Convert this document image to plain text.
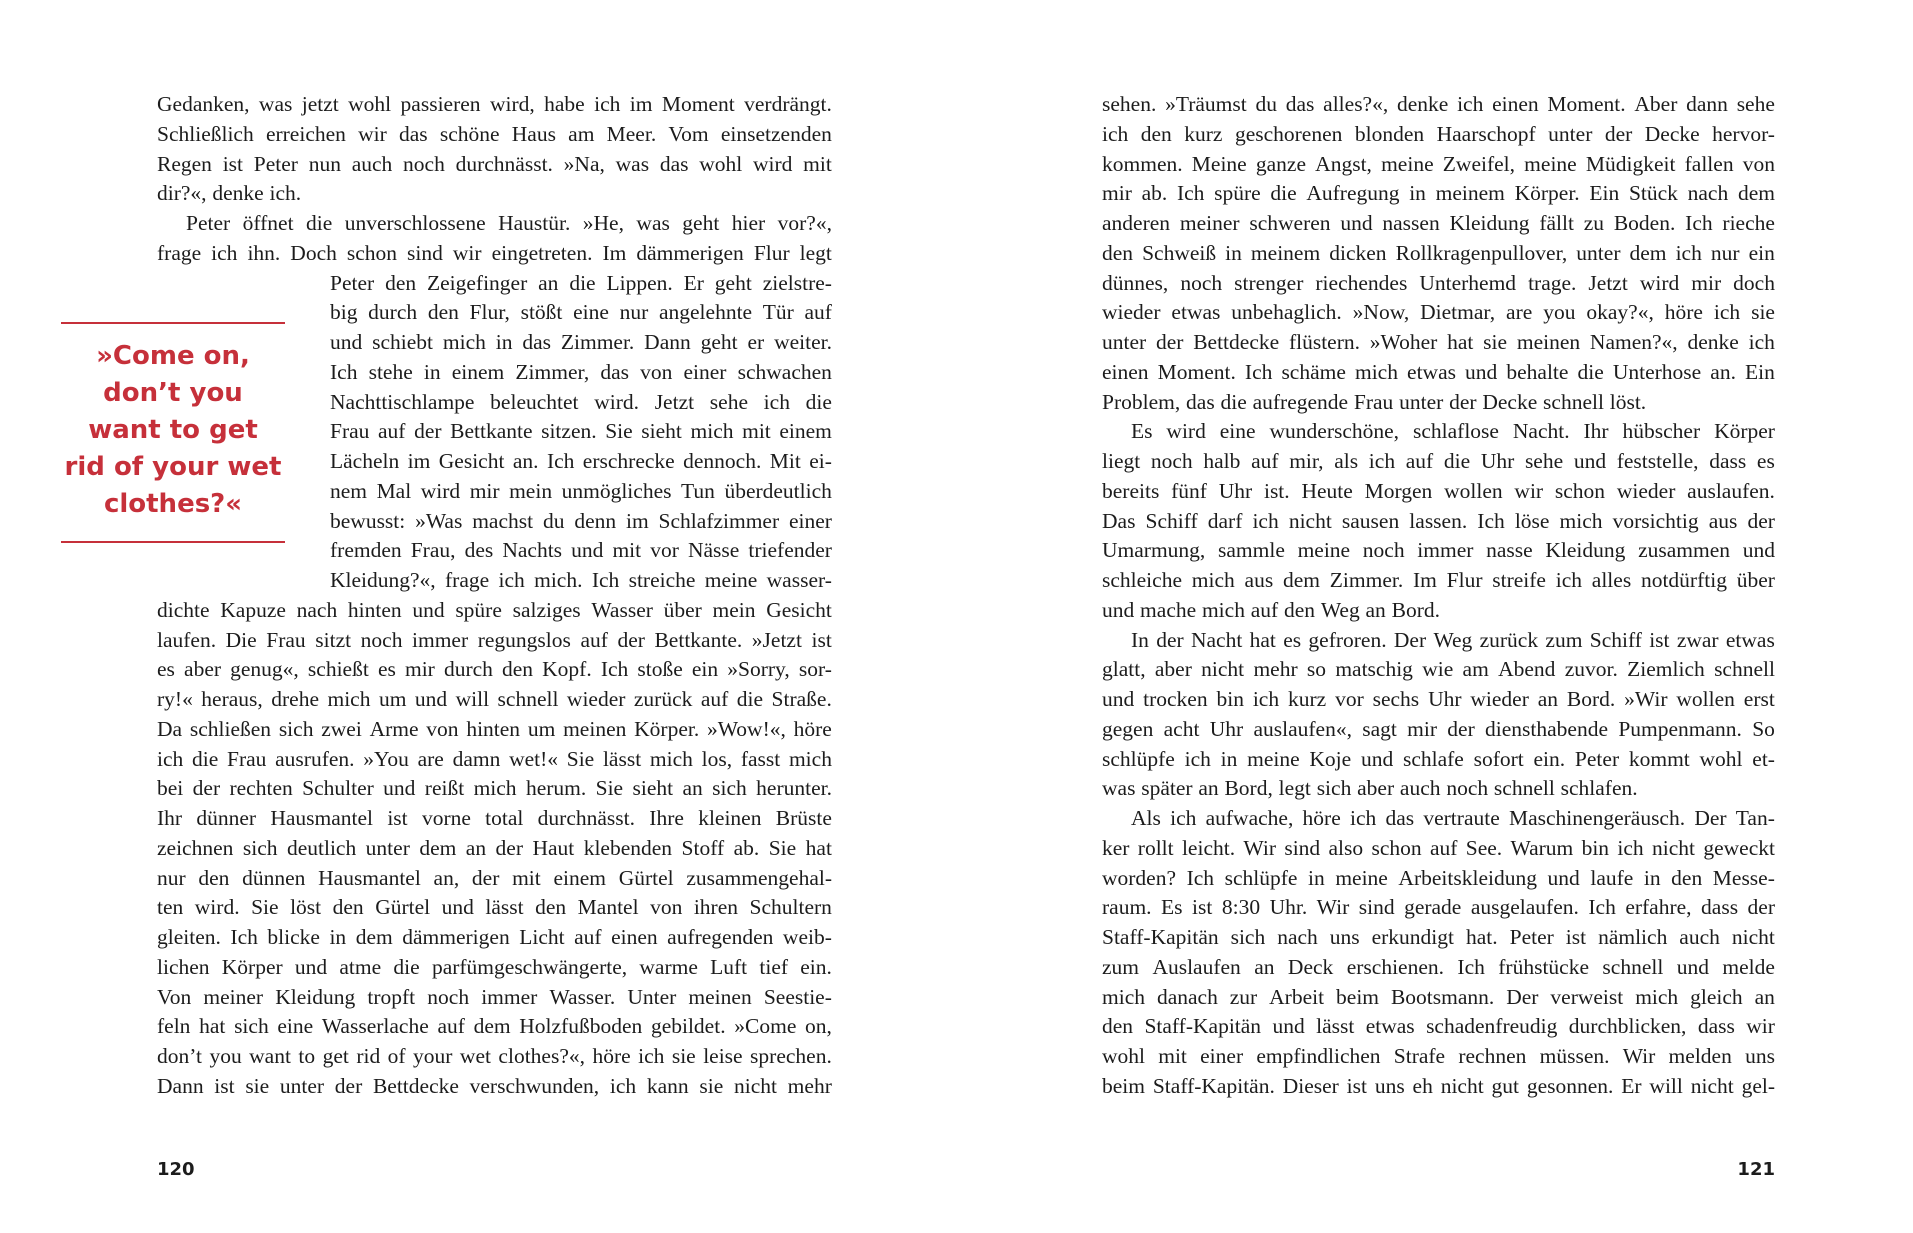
Gedanken, was jetzt wohl passieren wird, habe ich im Moment verdrängt.
Schließlich erreichen wir das schöne Haus am Meer. Vom einsetzenden
Regen ist Peter nun auch noch durchnässt. »Na, was das wohl wird mit
dir?«, denke ich.
Peter öffnet die unverschlossene Haustür. »He, was geht hier vor?«,
frage ich ihn. Doch schon sind wir eingetreten. Im dämmerigen Flur legt
Peter den Zeigefinger an die Lippen. Er geht zielstre-
big durch den Flur, stößt eine nur angelehnte Tür auf
und schiebt mich in das Zimmer. Dann geht er weiter.
Ich stehe in einem Zimmer, das von einer schwachen
Nachttischlampe beleuchtet wird. Jetzt sehe ich die
Frau auf der Bettkante sitzen. Sie sieht mich mit einem
Lächeln im Gesicht an. Ich erschrecke dennoch. Mit ei-
nem Mal wird mir mein unmögliches Tun überdeutlich
bewusst: »Was machst du denn im Schlafzimmer einer
fremden Frau, des Nachts und mit vor Nässe triefender
Kleidung?«, frage ich mich. Ich streiche meine wasser-
dichte Kapuze nach hinten und spüre salziges Wasser über mein Gesicht
laufen. Die Frau sitzt noch immer regungslos auf der Bettkante. »Jetzt ist
es aber genug«, schießt es mir durch den Kopf. Ich stoße ein »Sorry, sor-
ry!« heraus, drehe mich um und will schnell wieder zurück auf die Straße.
Da schließen sich zwei Arme von hinten um meinen Körper. »Wow!«, höre
ich die Frau ausrufen. »You are damn wet!« Sie lässt mich los, fasst mich
bei der rechten Schulter und reißt mich herum. Sie sieht an sich herunter.
Ihr dünner Hausmantel ist vorne total durchnässt. Ihre kleinen Brüste
zeichnen sich deutlich unter dem an der Haut klebenden Stoff ab. Sie hat
nur den dünnen Hausmantel an, der mit einem Gürtel zusammengehal-
ten wird. Sie löst den Gürtel und lässt den Mantel von ihren Schultern
gleiten. Ich blicke in dem dämmerigen Licht auf einen aufregenden weib-
lichen Körper und atme die parfümgeschwängerte, warme Luft tief ein.
Von meiner Kleidung tropft noch immer Wasser. Unter meinen Seestie-
feln hat sich eine Wasserlache auf dem Holzfußboden gebildet. »Come on,
don’t you want to get rid of your wet clothes?«, höre ich sie leise sprechen.
Dann ist sie unter der Bettdecke verschwunden, ich kann sie nicht mehr
»Come on,
don’t you
want to get
rid of your wet
clothes?«
120
sehen. »Träumst du das alles?«, denke ich einen Moment. Aber dann sehe
ich den kurz geschorenen blonden Haarschopf unter der Decke hervor-
kommen. Meine ganze Angst, meine Zweifel, meine Müdigkeit fallen von
mir ab. Ich spüre die Aufregung in meinem Körper. Ein Stück nach dem
anderen meiner schweren und nassen Kleidung fällt zu Boden. Ich rieche
den Schweiß in meinem dicken Rollkragenpullover, unter dem ich nur ein
dünnes, noch strenger riechendes Unterhemd trage. Jetzt wird mir doch
wieder etwas unbehaglich. »Now, Dietmar, are you okay?«, höre ich sie
unter der Bettdecke flüstern. »Woher hat sie meinen Namen?«, denke ich
einen Moment. Ich schäme mich etwas und behalte die Unterhose an. Ein
Problem, das die aufregende Frau unter der Decke schnell löst.
Es wird eine wunderschöne, schlaflose Nacht. Ihr hübscher Körper
liegt noch halb auf mir, als ich auf die Uhr sehe und feststelle, dass es
bereits fünf Uhr ist. Heute Morgen wollen wir schon wieder auslaufen.
Das Schiff darf ich nicht sausen lassen. Ich löse mich vorsichtig aus der
Umarmung, sammle meine noch immer nasse Kleidung zusammen und
schleiche mich aus dem Zimmer. Im Flur streife ich alles notdürftig über
und mache mich auf den Weg an Bord.
In der Nacht hat es gefroren. Der Weg zurück zum Schiff ist zwar etwas
glatt, aber nicht mehr so matschig wie am Abend zuvor. Ziemlich schnell
und trocken bin ich kurz vor sechs Uhr wieder an Bord. »Wir wollen erst
gegen acht Uhr auslaufen«, sagt mir der diensthabende Pumpenmann. So
schlüpfe ich in meine Koje und schlafe sofort ein. Peter kommt wohl et-
was später an Bord, legt sich aber auch noch schnell schlafen.
Als ich aufwache, höre ich das vertraute Maschinengeräusch. Der Tan-
ker rollt leicht. Wir sind also schon auf See. Warum bin ich nicht geweckt
worden? Ich schlüpfe in meine Arbeitskleidung und laufe in den Messe-
raum. Es ist 8:30 Uhr. Wir sind gerade ausgelaufen. Ich erfahre, dass der
Staff-Kapitän sich nach uns erkundigt hat. Peter ist nämlich auch nicht
zum Auslaufen an Deck erschienen. Ich frühstücke schnell und melde
mich danach zur Arbeit beim Bootsmann. Der verweist mich gleich an
den Staff-Kapitän und lässt etwas schadenfreudig durchblicken, dass wir
wohl mit einer empfindlichen Strafe rechnen müssen. Wir melden uns
beim Staff-Kapitän. Dieser ist uns eh nicht gut gesonnen. Er will nicht gel-
121
